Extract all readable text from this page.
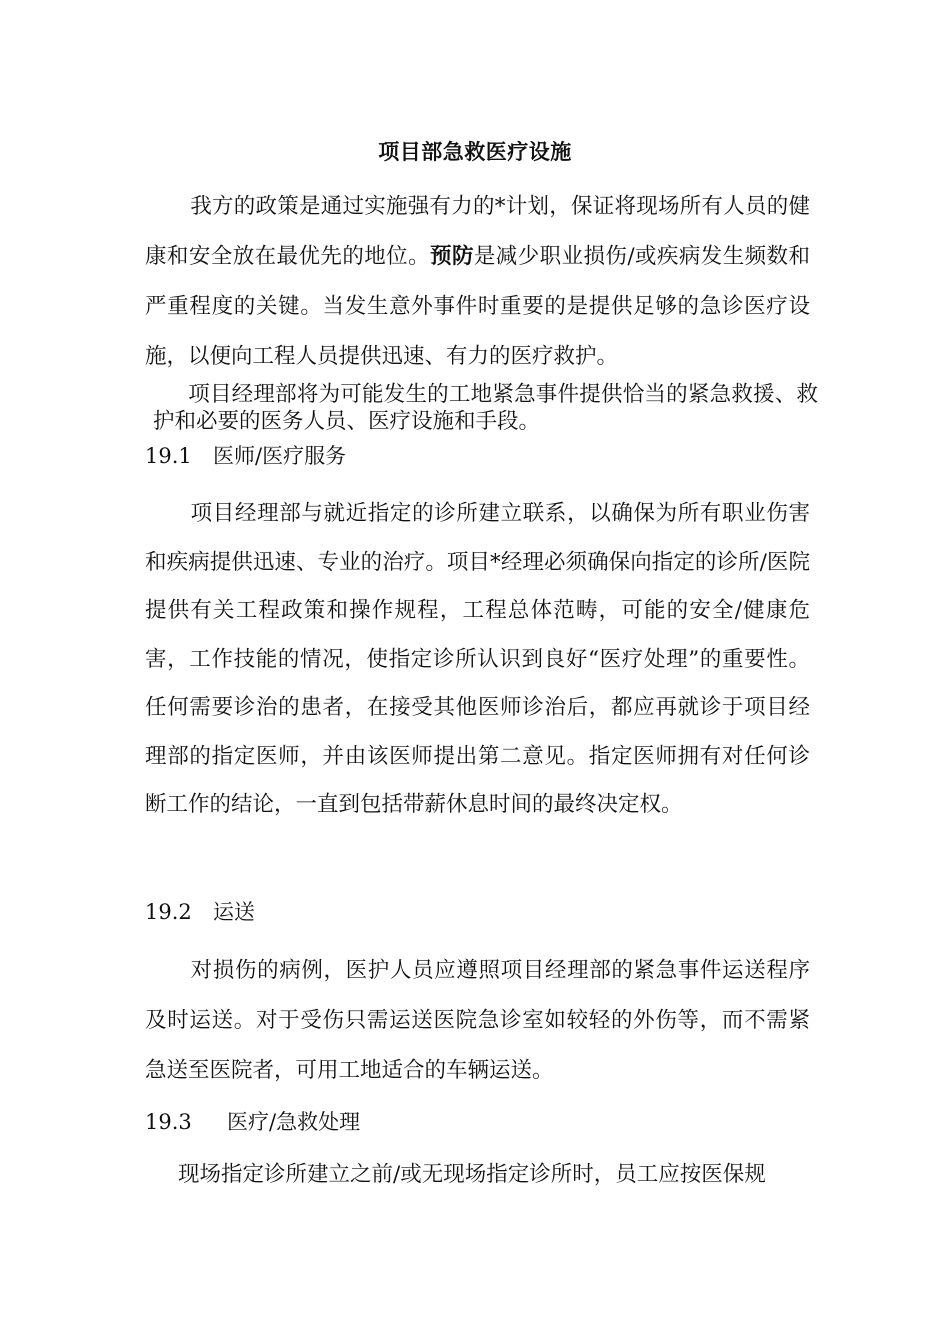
项目部急救医疗设施

我方的政策是通过实施强有力的*计划，保证将现场所有人员的健康和安全放在最优先的地位。预防是减少职业损伤/或疾病发生频数和严重程度的关键。当发生意外事件时重要的是提供足够的急诊医疗设施，以便向工程人员提供迅速、有力的医疗救护。

项目经理部将为可能发生的工地紧急事件提供恰当的紧急救援、救护和必要的医务人员、医疗设施和手段。

19.1 医师/医疗服务

项目经理部与就近指定的诊所建立联系，以确保为所有职业伤害和疾病提供迅速、专业的治疗。项目*经理必须确保向指定的诊所/医院提供有关工程政策和操作规程，工程总体范畴，可能的安全/健康危害，工作技能的情况，使指定诊所认识到良好“医疗处理”的重要性。任何需要诊治的患者，在接受其他医师诊治后，都应再就诊于项目经理部的指定医师，并由该医师提出第二意见。指定医师拥有对任何诊断工作的结论，一直到包括带薪休息时间的最终决定权。

19.2 运送

对损伤的病例，医护人员应遵照项目经理部的紧急事件运送程序及时运送。对于受伤只需运送医院急诊室如较轻的外伤等，而不需紧急送至医院者，可用工地适合的车辆运送。

19.3 医疗/急救处理

现场指定诊所建立之前/或无现场指定诊所时，员工应按医保规
